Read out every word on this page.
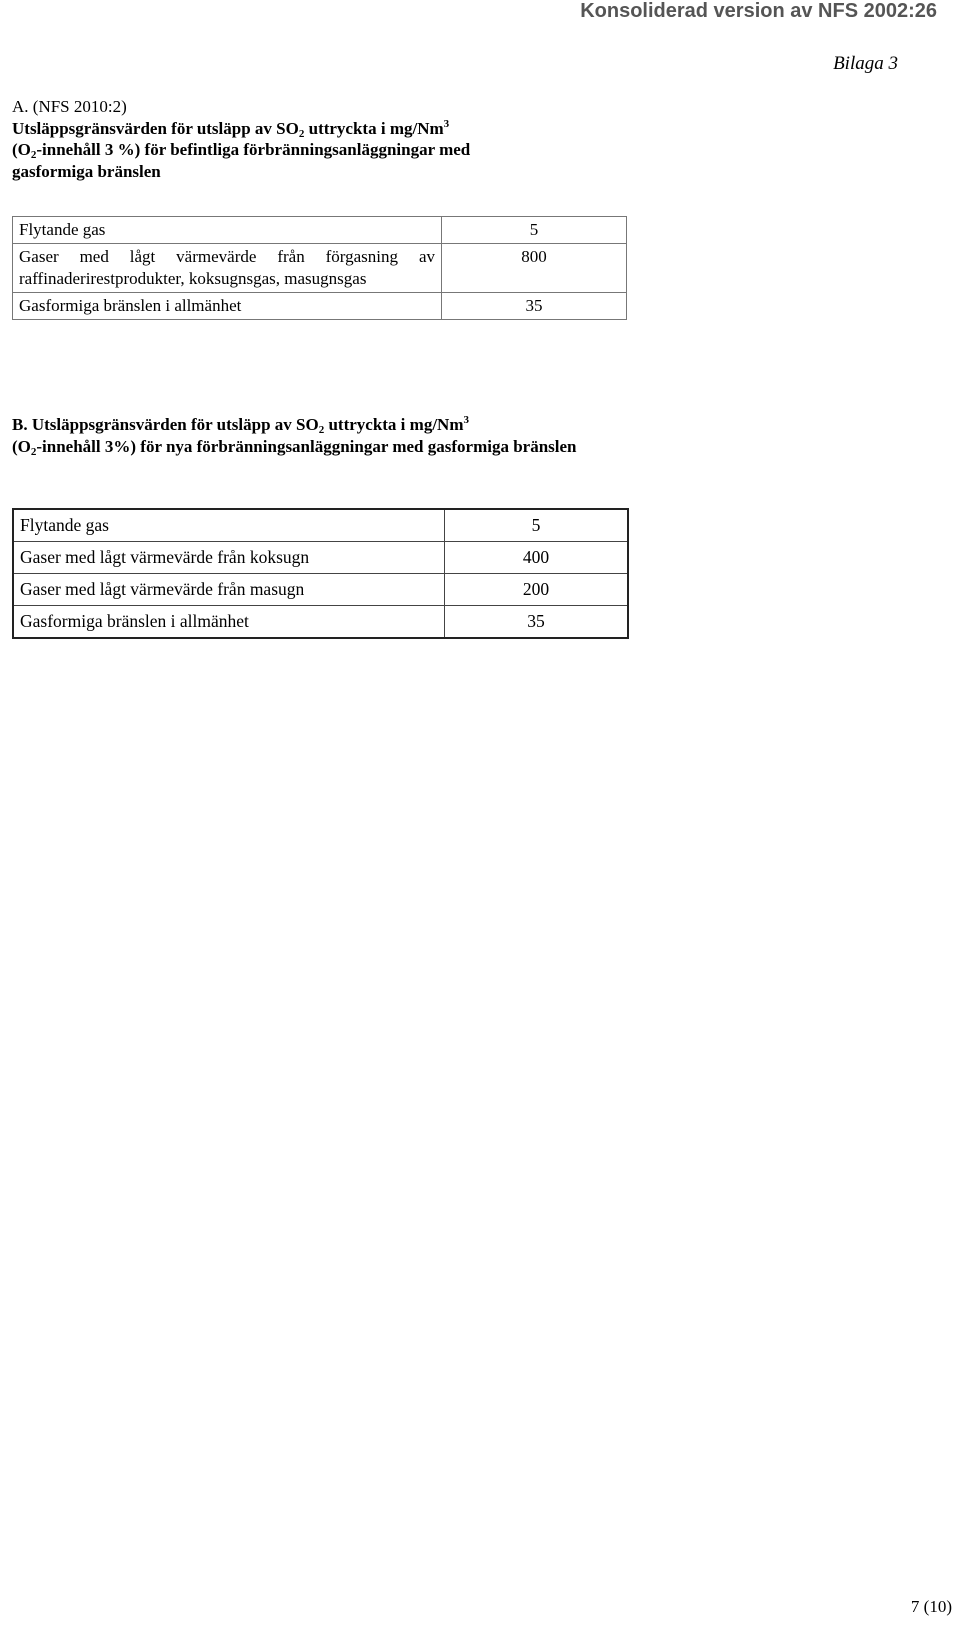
Konsoliderad version av NFS 2002:26
Bilaga 3
A. (NFS 2010:2)
Utsläppsgränsvärden för utsläpp av $SO_2$ uttryckta i mg/Nm$^3$
($O_2$-innehåll 3 %) för befintliga förbränningsanläggningar med
gasformiga bränslen
Flytande gas	5

Gaser med lågt värmevärde från förgasning av
raffinaderirestprodukter, koksugnsgas, masugnsgas	800
Gasformiga bränslen i allmänhet	35
B. Utsläppsgränsvärden för utsläpp av $SO_2$ uttryckta i mg/Nm$^3$
($O_2$-innehåll 3%) för nya förbränningsanläggningar med gasformiga bränslen
Flytande gas	5
Gaser med lågt värmevärde från koksugn	400
Gaser med lågt värmevärde från masugn	200
Gasformiga bränslen i allmänhet	35
7 (10)
